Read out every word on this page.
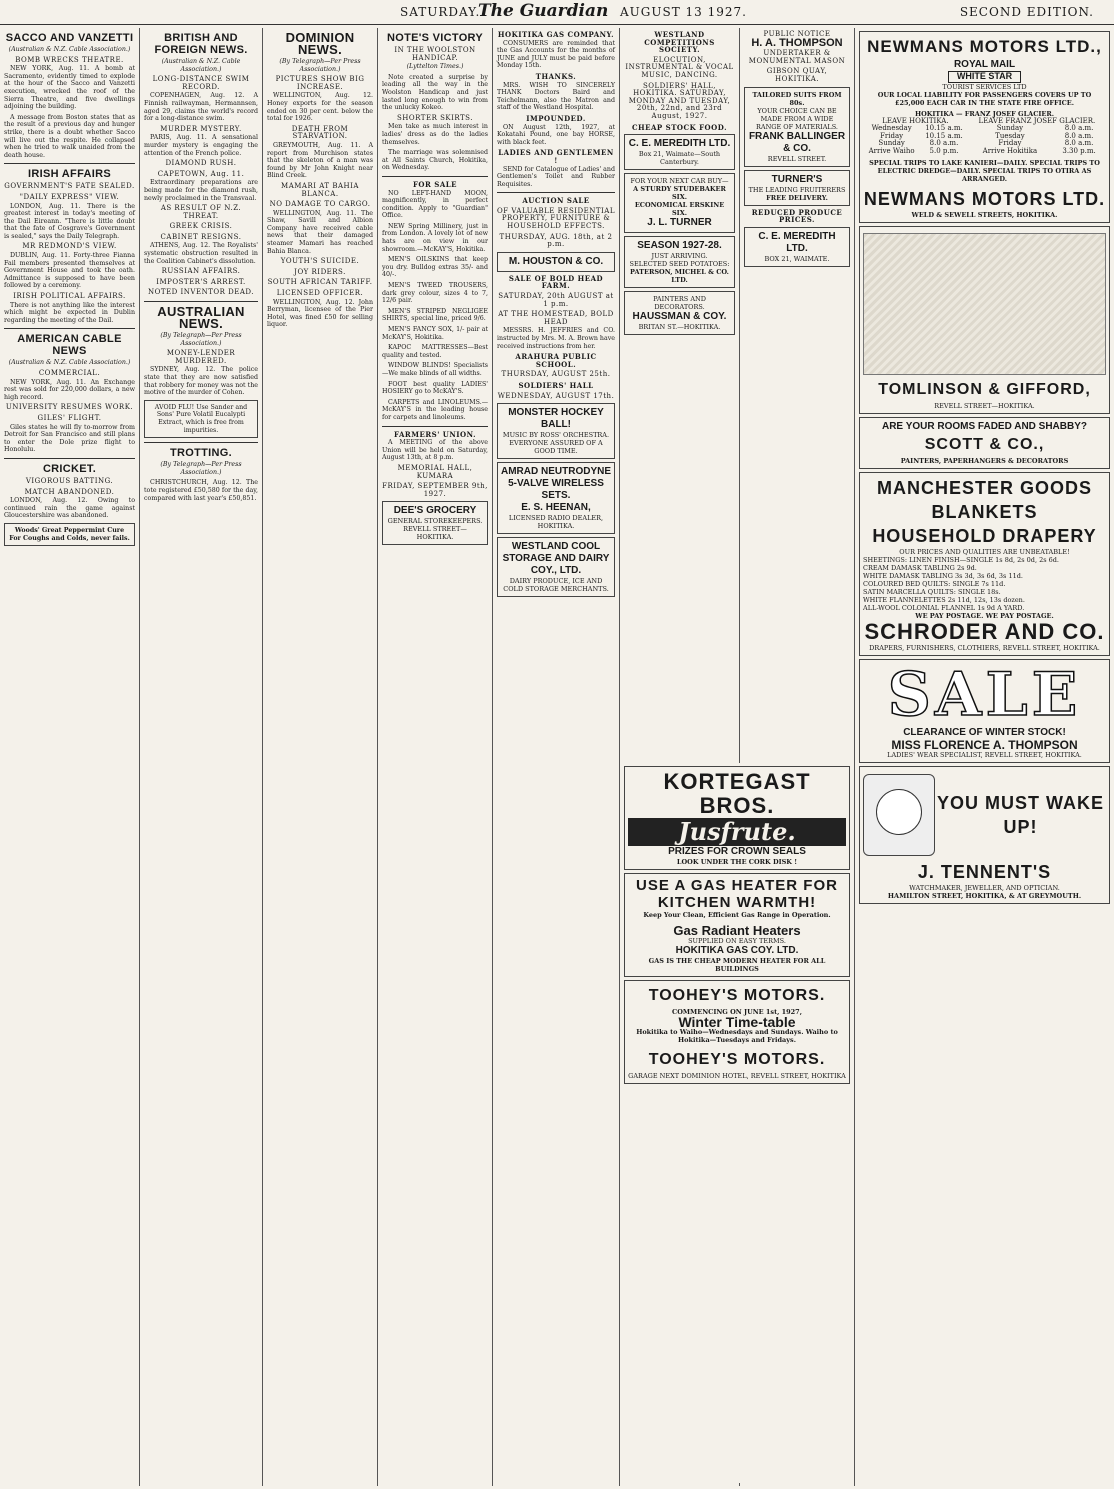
SATURDAY.
The Guardian AUGUST 13 1927.	SECOND EDITION.
SACCO AND VANZETTI
(Australian & N.Z. Cable Association.)
BOMB WRECKS THEATRE.

NEW YORK, Aug. 11. A bomb at Sacramento, evidently timed to explode at the hour of the Sacco and Vanzetti execution, wrecked the roof of the Sierra Theatre, and five dwellings adjoining the building.

A message from Boston states that as the result of a previous day and hunger strike, there is a doubt whether Sacco will live out the respite. He collapsed when he tried to walk unaided from the death house.

IRISH AFFAIRS
GOVERNMENT'S FATE SEALED.
"DAILY EXPRESS" VIEW.

LONDON, Aug. 11. There is the greatest interest in today's meeting of the Dail Eireann. "There is little doubt that the fate of Cosgrave's Government is sealed," says the Daily Telegraph.

MR REDMOND'S VIEW.

DUBLIN, Aug. 11. Forty-three Fianna Fail members presented themselves at Government House and took the oath. Admittance is supposed to have been followed by a ceremony.

IRISH POLITICAL AFFAIRS.

There is not anything like the interest which might be expected in Dublin regarding the meeting of the Dail.

AMERICAN CABLE NEWS
(Australian & N.Z. Cable Association.)
COMMERCIAL.

NEW YORK, Aug. 11. An Exchange rest was sold for 220,000 dollars, a new high record.

UNIVERSITY RESUMES WORK.
GILES' FLIGHT.

Giles states he will fly to-morrow from Detroit for San Francisco and still plans to enter the Dole prize flight to Honolulu.

CRICKET.
VIGOROUS BATTING.
MATCH ABANDONED.

LONDON, Aug. 12. Owing to continued rain the game against Gloucestershire was abandoned.

Woods' Great Peppermint Cure For Coughs and Colds, never fails.
BRITISH AND FOREIGN NEWS.
(Australian & N.Z. Cable Association.)
LONG-DISTANCE SWIM RECORD.

COPENHAGEN, Aug. 12. A Finnish railwayman, Hermannsen, aged 29, claims the world's record for a long-distance swim.

MURDER MYSTERY.

PARIS, Aug. 11. A sensational murder mystery is engaging the attention of the French police.

DIAMOND RUSH.
CAPETOWN, Aug. 11.

Extraordinary preparations are being made for the diamond rush, newly proclaimed in the Transvaal.

AS RESULT OF N.Z. THREAT.
GREEK CRISIS.
CABINET RESIGNS.

ATHENS, Aug. 12. The Royalists' systematic obstruction resulted in the Coalition Cabinet's dissolution.

RUSSIAN AFFAIRS.
IMPOSTER'S ARREST.
NOTED INVENTOR DEAD.
AUSTRALIAN NEWS.
(By Telegraph—Per Press Association.)
MONEY-LENDER MURDERED.

SYDNEY, Aug. 12. The police state that they are now satisfied that robbery for money was not the motive of the murder of Cohen.

AVOID FLU! Use Sander and Sons' Pure Volatil Eucalypti Extract, which is free from impurities.
TROTTING.
(By Telegraph—Per Press Association.)

CHRISTCHURCH, Aug. 12. The tote registered £50,580 for the day, compared with last year's £50,851.

DOMINION NEWS.
(By Telegraph—Per Press Association.)
PICTURES SHOW BIG INCREASE.

WELLINGTON, Aug. 12. Honey exports for the season ended on 30 per cent. below the total for 1926.

DEATH FROM STARVATION.

GREYMOUTH, Aug. 11. A report from Murchison states that the skeleton of a man was found by Mr John Knight near Blind Creek.

MAMARI AT BAHIA BLANCA.
NO DAMAGE TO CARGO.

WELLINGTON, Aug. 11. The Shaw, Savill and Albion Company have received cable news that their damaged steamer Mamari has reached Bahia Blanca.

YOUTH'S SUICIDE.
JOY RIDERS.
SOUTH AFRICAN TARIFF.
LICENSED OFFICER.

WELLINGTON, Aug. 12. John Berryman, licensee of the Pier Hotel, was fined £50 for selling liquor.

NOTE'S VICTORY
IN THE WOOLSTON HANDICAP.
(Lyttelton Times.)

Note created a surprise by leading all the way in the Woolston Handicap and just lasted long enough to win from the unlucky Kokeo.

SHORTER SKIRTS.

Men take as much interest in ladies' dress as do the ladies themselves.

The marriage was solemnised at All Saints Church, Hokitika, on Wednesday.

FOR SALE

NO LEFT-HAND MOON, magnificently, in perfect condition. Apply to "Guardian" Office.

NEW Spring Millinery, just in from London. A lovely lot of new hats are on view in our showroom.—McKAY'S, Hokitika.

MEN'S OILSKINS that keep you dry. Bulldog extras 35/- and 40/-.

MEN'S TWEED TROUSERS, dark grey colour, sizes 4 to 7, 12/6 pair.

MEN'S STRIPED NEGLIGEE SHIRTS, special line, priced 9/6.

MEN'S FANCY SOX, 1/- pair at McKAY'S, Hokitika.

KAPOC MATTRESSES—Best quality and tested.

WINDOW BLINDS! Specialists—We make blinds of all widths.

FOOT best quality LADIES' HOSIERY go to McKAY'S.

CARPETS and LINOLEUMS.—McKAY'S in the leading house for carpets and linoleums.

FARMERS' UNION.

A MEETING of the above Union will be held on Saturday, August 13th, at 8 p.m.

MEMORIAL HALL, KUMARA
FRIDAY, SEPTEMBER 9th, 1927.
DEE'S GROCERY
GENERAL STOREKEEPERS. REVELL STREET—HOKITIKA.
HOKITIKA GAS COMPANY.

CONSUMERS are reminded that the Gas Accounts for the months of JUNE and JULY must be paid before Monday 15th.

THANKS.

MRS. WISH TO SINCERELY THANK Doctors Baird and Teichelmann, also the Matron and staff of the Westland Hospital.

IMPOUNDED.

ON August 12th, 1927, at Kokatahi Pound, one bay HORSE, with black feet.

LADIES AND GENTLEMEN !

SEND for Catalogue of Ladies' and Gentlemen's Toilet and Rubber Requisites.

AUCTION SALE
OF VALUABLE RESIDENTIAL PROPERTY, FURNITURE & HOUSEHOLD EFFECTS.
THURSDAY, AUG. 18th, at 2 p.m.
M. HOUSTON & CO.
SALE OF BOLD HEAD FARM.
SATURDAY, 20th AUGUST at 1 p.m.
AT THE HOMESTEAD, BOLD HEAD

MESSRS. H. JEFFRIES and CO. instructed by Mrs. M. A. Brown have received instructions from her.

ARAHURA PUBLIC SCHOOL.
THURSDAY, AUGUST 25th.
SOLDIERS' HALL
WEDNESDAY, AUGUST 17th.
MONSTER HOCKEY BALL!
MUSIC BY ROSS' ORCHESTRA.
EVERYONE ASSURED OF A GOOD TIME.
AMRAD NEUTRODYNE 5-VALVE WIRELESS SETS.
E. S. HEENAN,
LICENSED RADIO DEALER, HOKITIKA.
WESTLAND COOL STORAGE AND DAIRY COY., LTD.
DAIRY PRODUCE, ICE AND COLD STORAGE MERCHANTS.
WESTLAND COMPETITIONS SOCIETY.
ELOCUTION, INSTRUMENTAL & VOCAL MUSIC, DANCING.
SOLDIERS' HALL, HOKITIKA. SATURDAY, MONDAY AND TUESDAY, 20th, 22nd, and 23rd August, 1927.
CHEAP STOCK FOOD.
C. E. MEREDITH LTD.
Box 21, Waimate—South Canterbury.
FOR YOUR NEXT CAR BUY—
A STURDY STUDEBAKER SIX.
ECONOMICAL ERSKINE SIX.
J. L. TURNER
SEASON 1927-28.
JUST ARRIVING.
SELECTED SEED POTATOES:
PATERSON, MICHEL & CO. LTD.
PAINTERS AND DECORATORS.
HAUSSMAN & COY.
BRITAN ST.—HOKITIKA.
PUBLIC NOTICE
H. A. THOMPSON
UNDERTAKER & MONUMENTAL MASON
GIBSON QUAY, HOKITIKA.
TAILORED SUITS FROM 80s.
YOUR CHOICE CAN BE MADE FROM A WIDE RANGE OF MATERIALS.
FRANK BALLINGER & CO.
REVELL STREET.
TURNER'S
THE LEADING FRUITERERS
FREE DELIVERY.
REDUCED PRODUCE PRICES.
C. E. MEREDITH LTD.
BOX 21, WAIMATE.
KORTEGAST BROS.
Jusfrute.
PRIZES FOR CROWN SEALS
LOOK UNDER THE CORK DISK !
USE A GAS HEATER FOR KITCHEN WARMTH!
Keep Your Clean, Efficient Gas Range in Operation.
Gas Radiant Heaters
SUPPLIED ON EASY TERMS.
HOKITIKA GAS COY. LTD.
GAS IS THE CHEAP MODERN HEATER FOR ALL BUILDINGS
TOOHEY'S MOTORS.
COMMENCING ON JUNE 1st, 1927,
Winter Time-table
Hokitika to Waiho—Wednesdays and Sundays. Waiho to Hokitika—Tuesdays and Fridays.
TOOHEY'S MOTORS.
GARAGE NEXT DOMINION HOTEL, REVELL STREET, HOKITIKA
NEWMANS MOTORS LTD.,
ROYAL MAIL
WHITE STAR
TOURIST SERVICES LTD
OUR LOCAL LIABILITY FOR PASSENGERS COVERS UP TO £25,000 EACH CAR IN THE STATE FIRE OFFICE.
HOKITIKA — FRANZ JOSEF GLACIER.
LEAVE HOKITIKA.		LEAVE FRANZ JOSEF GLACIER.	
Wednesday	10.15 a.m.	Sunday	8.0 a.m.
Friday	10.15 a.m.	Tuesday	8.0 a.m.
Sunday	8.0 a.m.	Friday	8.0 a.m.
Arrive Waiho	5.0 p.m.	Arrive Hokitika	3.30 p.m.
SPECIAL TRIPS TO LAKE KANIERI—DAILY. SPECIAL TRIPS TO ELECTRIC DREDGE—DAILY. SPECIAL TRIPS TO OTIRA AS ARRANGED.
NEWMANS MOTORS LTD.
WELD & SEWELL STREETS, HOKITIKA.
TOMLINSON & GIFFORD,
REVELL STREET—HOKITIKA.
ARE YOUR ROOMS FADED AND SHABBY?
SCOTT & CO.,
PAINTERS, PAPERHANGERS & DECORATORS
MANCHESTER GOODS
BLANKETS
HOUSEHOLD DRAPERY
OUR PRICES AND QUALITIES ARE UNBEATABLE!
SHEETINGS: LINEN FINISH—SINGLE 1s 8d, 2s 0d, 2s 6d.
CREAM DAMASK TABLING 2s 9d.
WHITE DAMASK TABLING 3s 3d, 3s 6d, 3s 11d.
COLOURED BED QUILTS: SINGLE 7s 11d.
SATIN MARCELLA QUILTS: SINGLE 18s.
WHITE FLANNELETTES 2s 11d, 12s, 13s dozen.
ALL-WOOL COLONIAL FLANNEL 1s 9d A YARD.
WE PAY POSTAGE. WE PAY POSTAGE.
SCHRODER AND CO.
DRAPERS, FURNISHERS, CLOTHIERS, REVELL STREET, HOKITIKA.
SALE
CLEARANCE OF WINTER STOCK!
MISS FLORENCE A. THOMPSON
LADIES' WEAR SPECIALIST, REVELL STREET, HOKITIKA.
YOU MUST WAKE UP!
J. TENNENT'S
WATCHMAKER, JEWELLER, AND OPTICIAN.
HAMILTON STREET, HOKITIKA, & AT GREYMOUTH.
